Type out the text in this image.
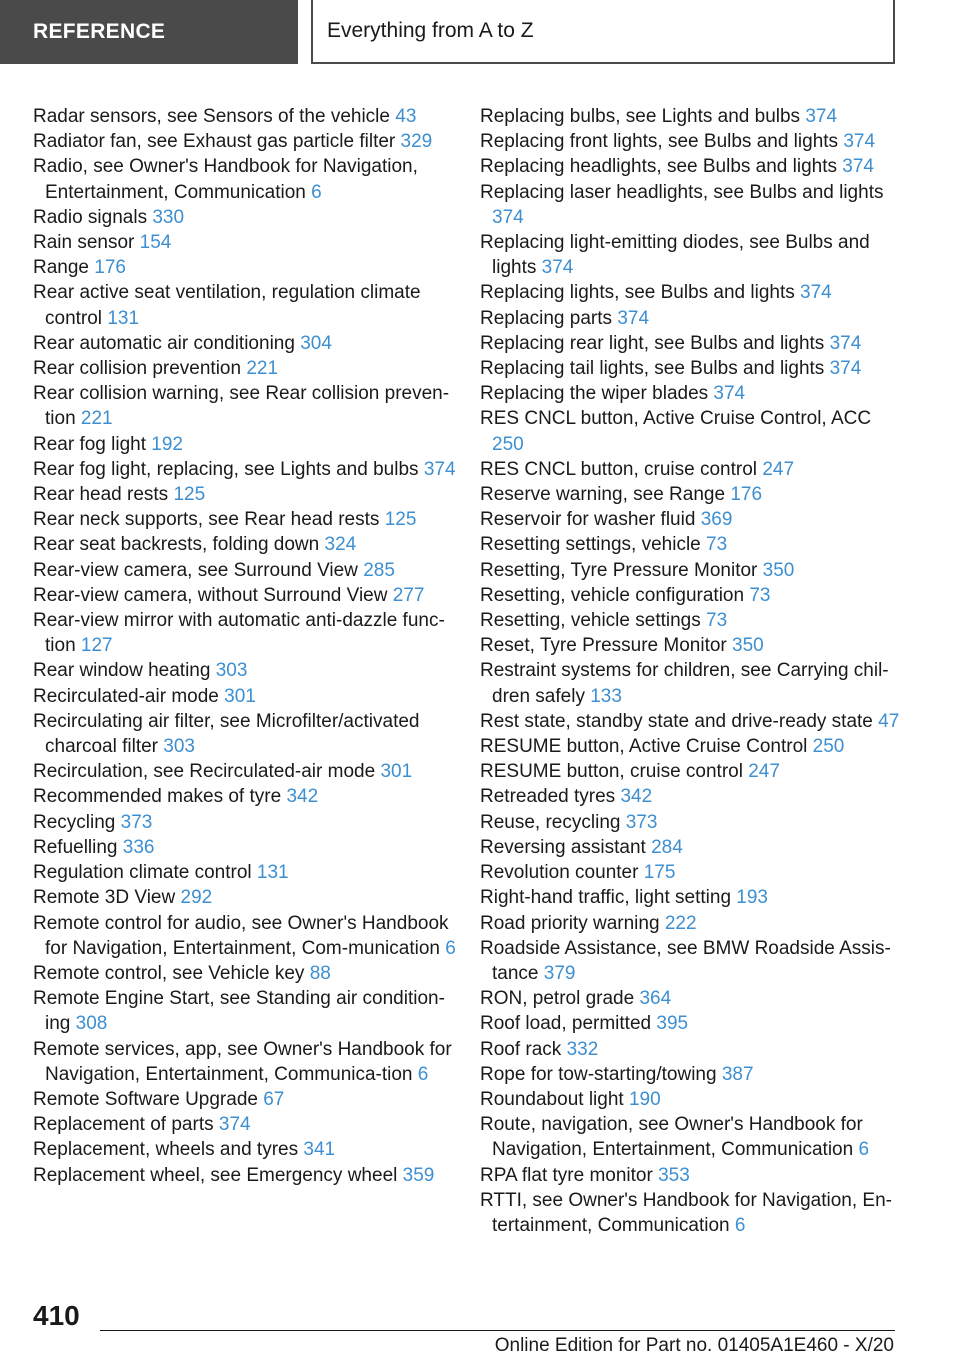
REFERENCE	Everything from A to Z
Radar sensors, see Sensors of the vehicle 43
Radiator fan, see Exhaust gas particle filter 329
Radio, see Owner's Handbook for Navigation, Entertainment, Communication 6
Radio signals 330
Rain sensor 154
Range 176
Rear active seat ventilation, regulation climate control 131
Rear automatic air conditioning 304
Rear collision prevention 221
Rear collision warning, see Rear collision preven-tion 221
Rear fog light 192
Rear fog light, replacing, see Lights and bulbs 374
Rear head rests 125
Rear neck supports, see Rear head rests 125
Rear seat backrests, folding down 324
Rear-view camera, see Surround View 285
Rear-view camera, without Surround View 277
Rear-view mirror with automatic anti-dazzle func-tion 127
Rear window heating 303
Recirculated-air mode 301
Recirculating air filter, see Microfilter/activated charcoal filter 303
Recirculation, see Recirculated-air mode 301
Recommended makes of tyre 342
Recycling 373
Refuelling 336
Regulation climate control 131
Remote 3D View 292
Remote control for audio, see Owner's Handbook for Navigation, Entertainment, Com-munication 6
Remote control, see Vehicle key 88
Remote Engine Start, see Standing air condition-ing 308
Remote services, app, see Owner's Handbook for Navigation, Entertainment, Communica-tion 6
Remote Software Upgrade 67
Replacement of parts 374
Replacement, wheels and tyres 341
Replacement wheel, see Emergency wheel 359
Replacing bulbs, see Lights and bulbs 374
Replacing front lights, see Bulbs and lights 374
Replacing headlights, see Bulbs and lights 374
Replacing laser headlights, see Bulbs and lights 374
Replacing light-emitting diodes, see Bulbs and lights 374
Replacing lights, see Bulbs and lights 374
Replacing parts 374
Replacing rear light, see Bulbs and lights 374
Replacing tail lights, see Bulbs and lights 374
Replacing the wiper blades 374
RES CNCL button, Active Cruise Control, ACC 250
RES CNCL button, cruise control 247
Reserve warning, see Range 176
Reservoir for washer fluid 369
Resetting settings, vehicle 73
Resetting, Tyre Pressure Monitor 350
Resetting, vehicle configuration 73
Resetting, vehicle settings 73
Reset, Tyre Pressure Monitor 350
Restraint systems for children, see Carrying chil-dren safely 133
Rest state, standby state and drive-ready state 47
RESUME button, Active Cruise Control 250
RESUME button, cruise control 247
Retreaded tyres 342
Reuse, recycling 373
Reversing assistant 284
Revolution counter 175
Right-hand traffic, light setting 193
Road priority warning 222
Roadside Assistance, see BMW Roadside Assis-tance 379
RON, petrol grade 364
Roof load, permitted 395
Roof rack 332
Rope for tow-starting/towing 387
Roundabout light 190
Route, navigation, see Owner's Handbook for Navigation, Entertainment, Communication 6
RPA flat tyre monitor 353
RTTI, see Owner's Handbook for Navigation, En-tertainment, Communication 6
410
Online Edition for Part no. 01405A1E460 - X/20
